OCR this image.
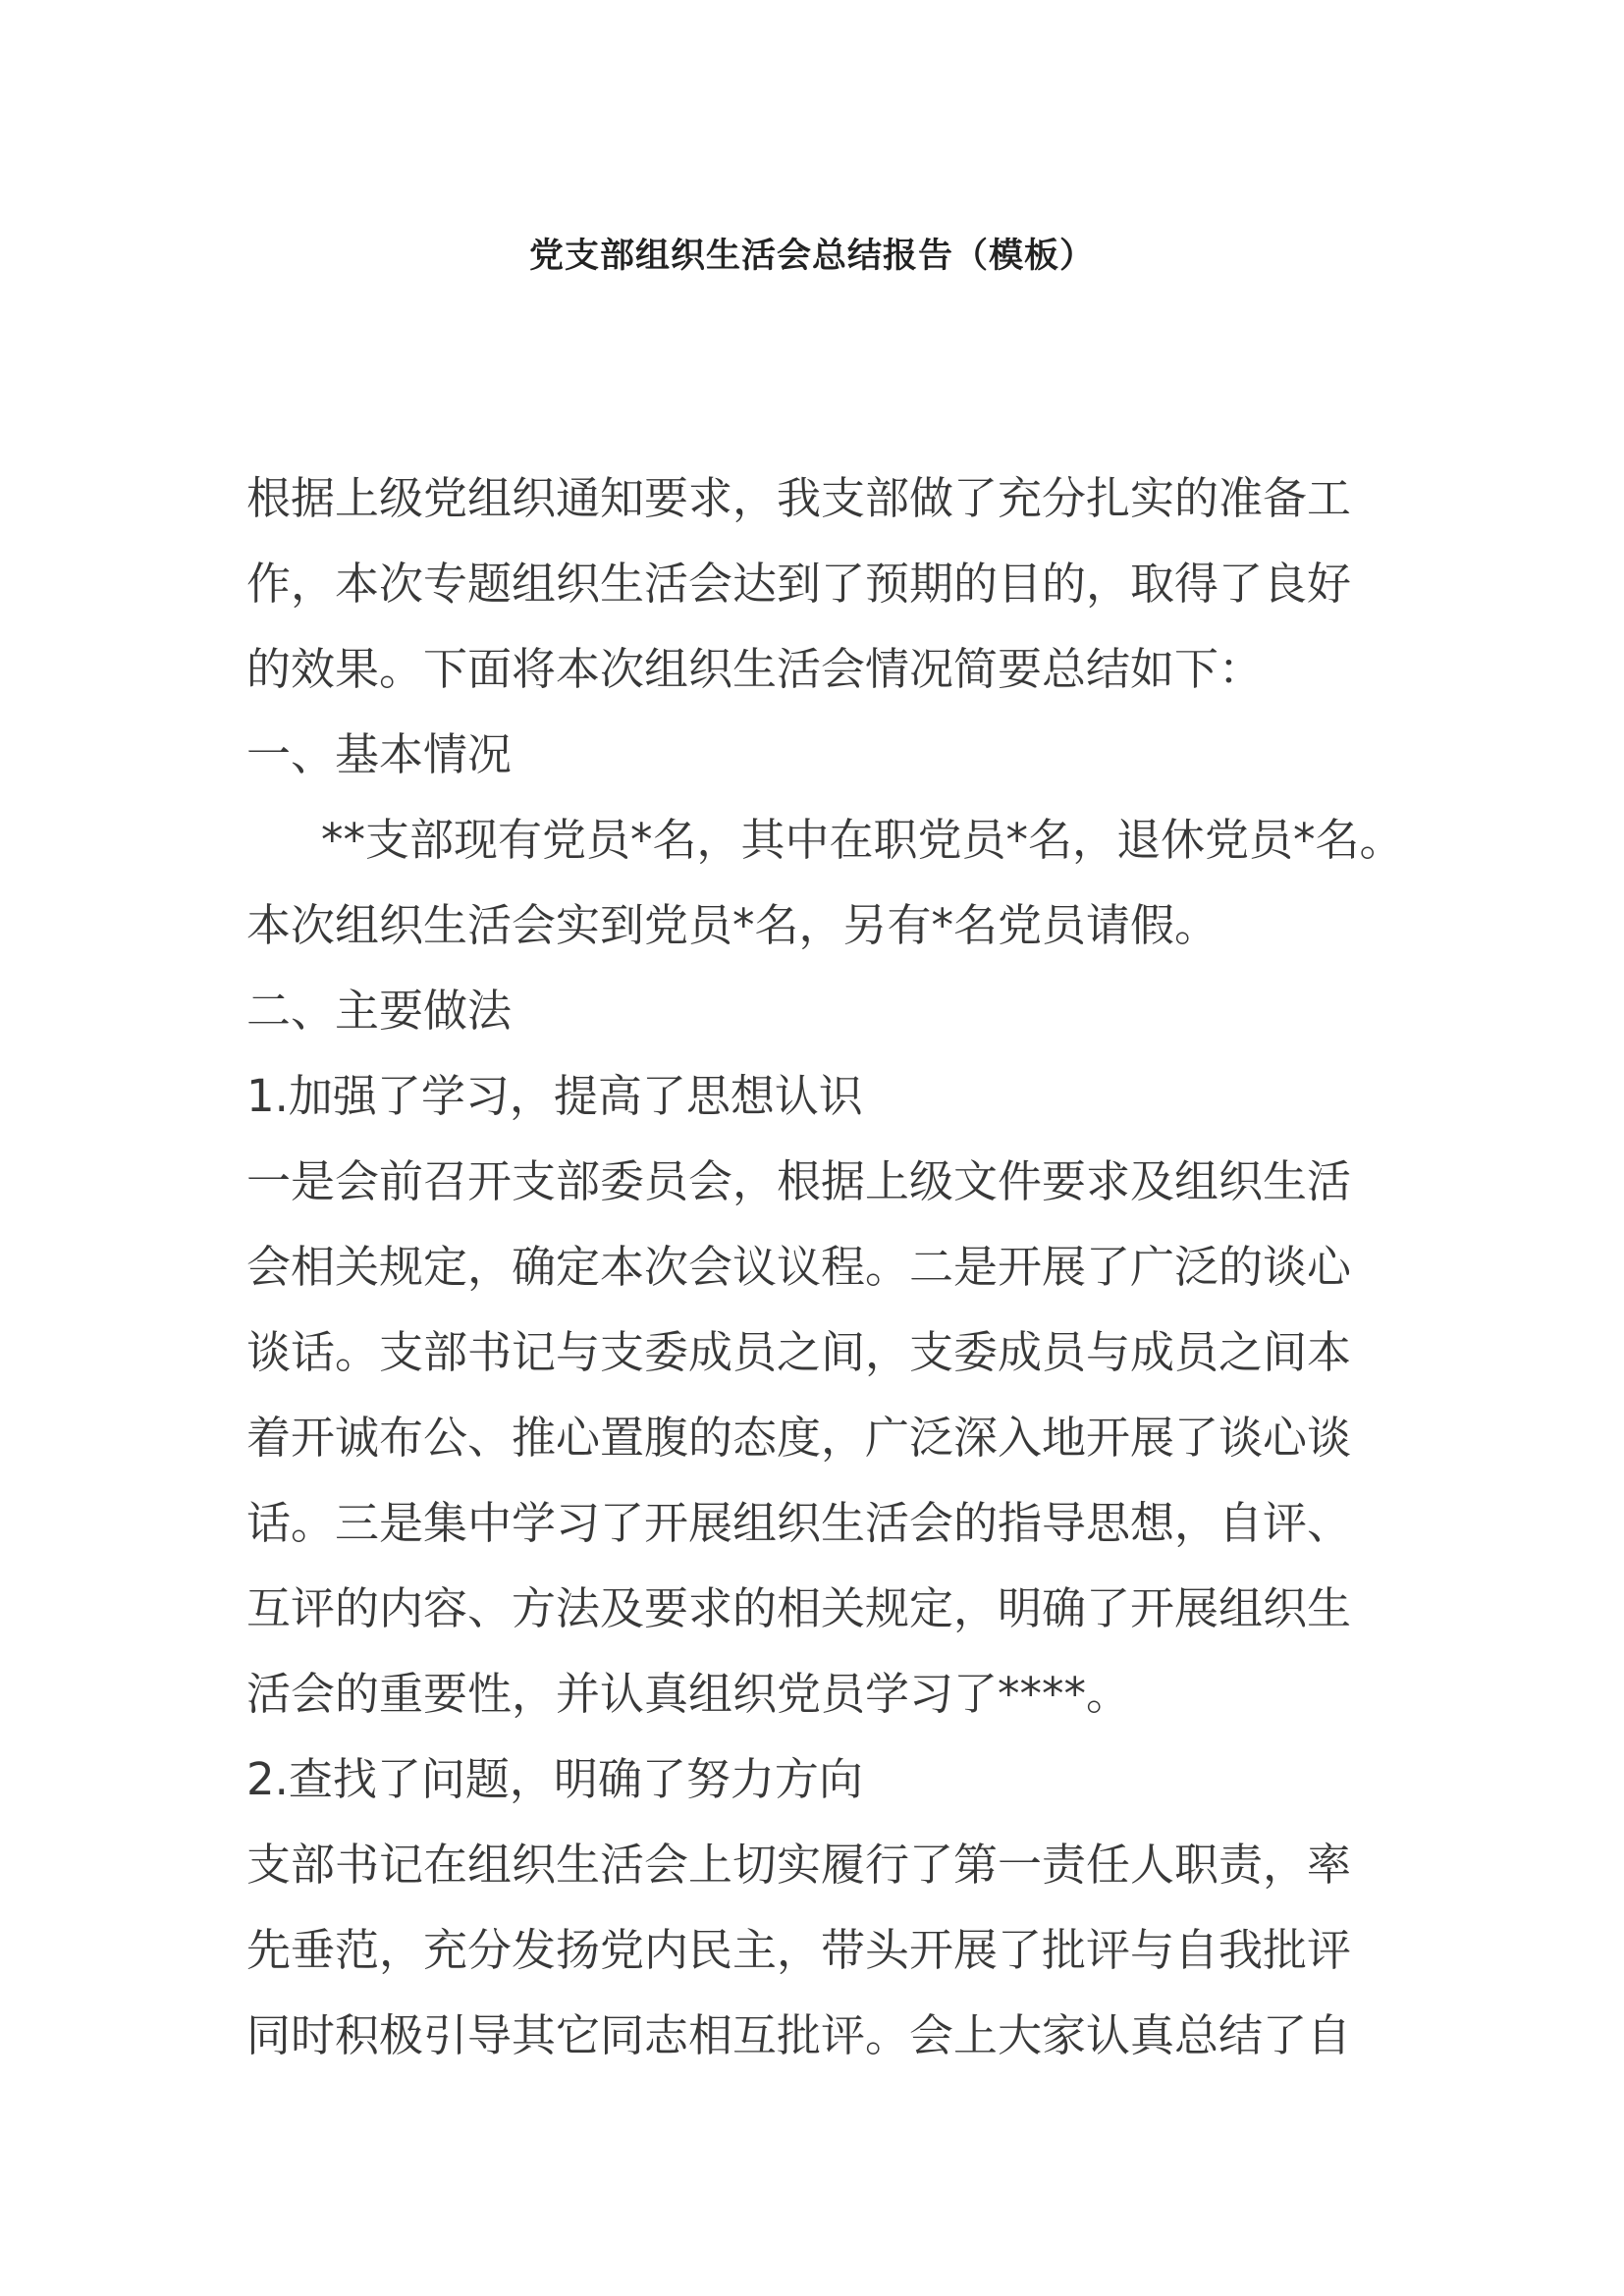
党支部组织生活会总结报告（模板）
根据上级党组织通知要求，我支部做了充分扎实的准备工
作，本次专题组织生活会达到了预期的目的，取得了良好
的效果。下面将本次组织生活会情况简要总结如下：
一、基本情况
**支部现有党员*名，其中在职党员*名，退休党员*名。
本次组织生活会实到党员*名，另有*名党员请假。
二、主要做法
1.加强了学习，提高了思想认识
一是会前召开支部委员会，根据上级文件要求及组织生活
会相关规定，确定本次会议议程。二是开展了广泛的谈心
谈话。支部书记与支委成员之间，支委成员与成员之间本
着开诚布公、推心置腹的态度，广泛深入地开展了谈心谈
话。三是集中学习了开展组织生活会的指导思想，自评、
互评的内容、方法及要求的相关规定，明确了开展组织生
活会的重要性，并认真组织党员学习了****。
2.查找了问题，明确了努力方向
支部书记在组织生活会上切实履行了第一责任人职责，率
先垂范，充分发扬党内民主，带头开展了批评与自我批评
同时积极引导其它同志相互批评。会上大家认真总结了自
